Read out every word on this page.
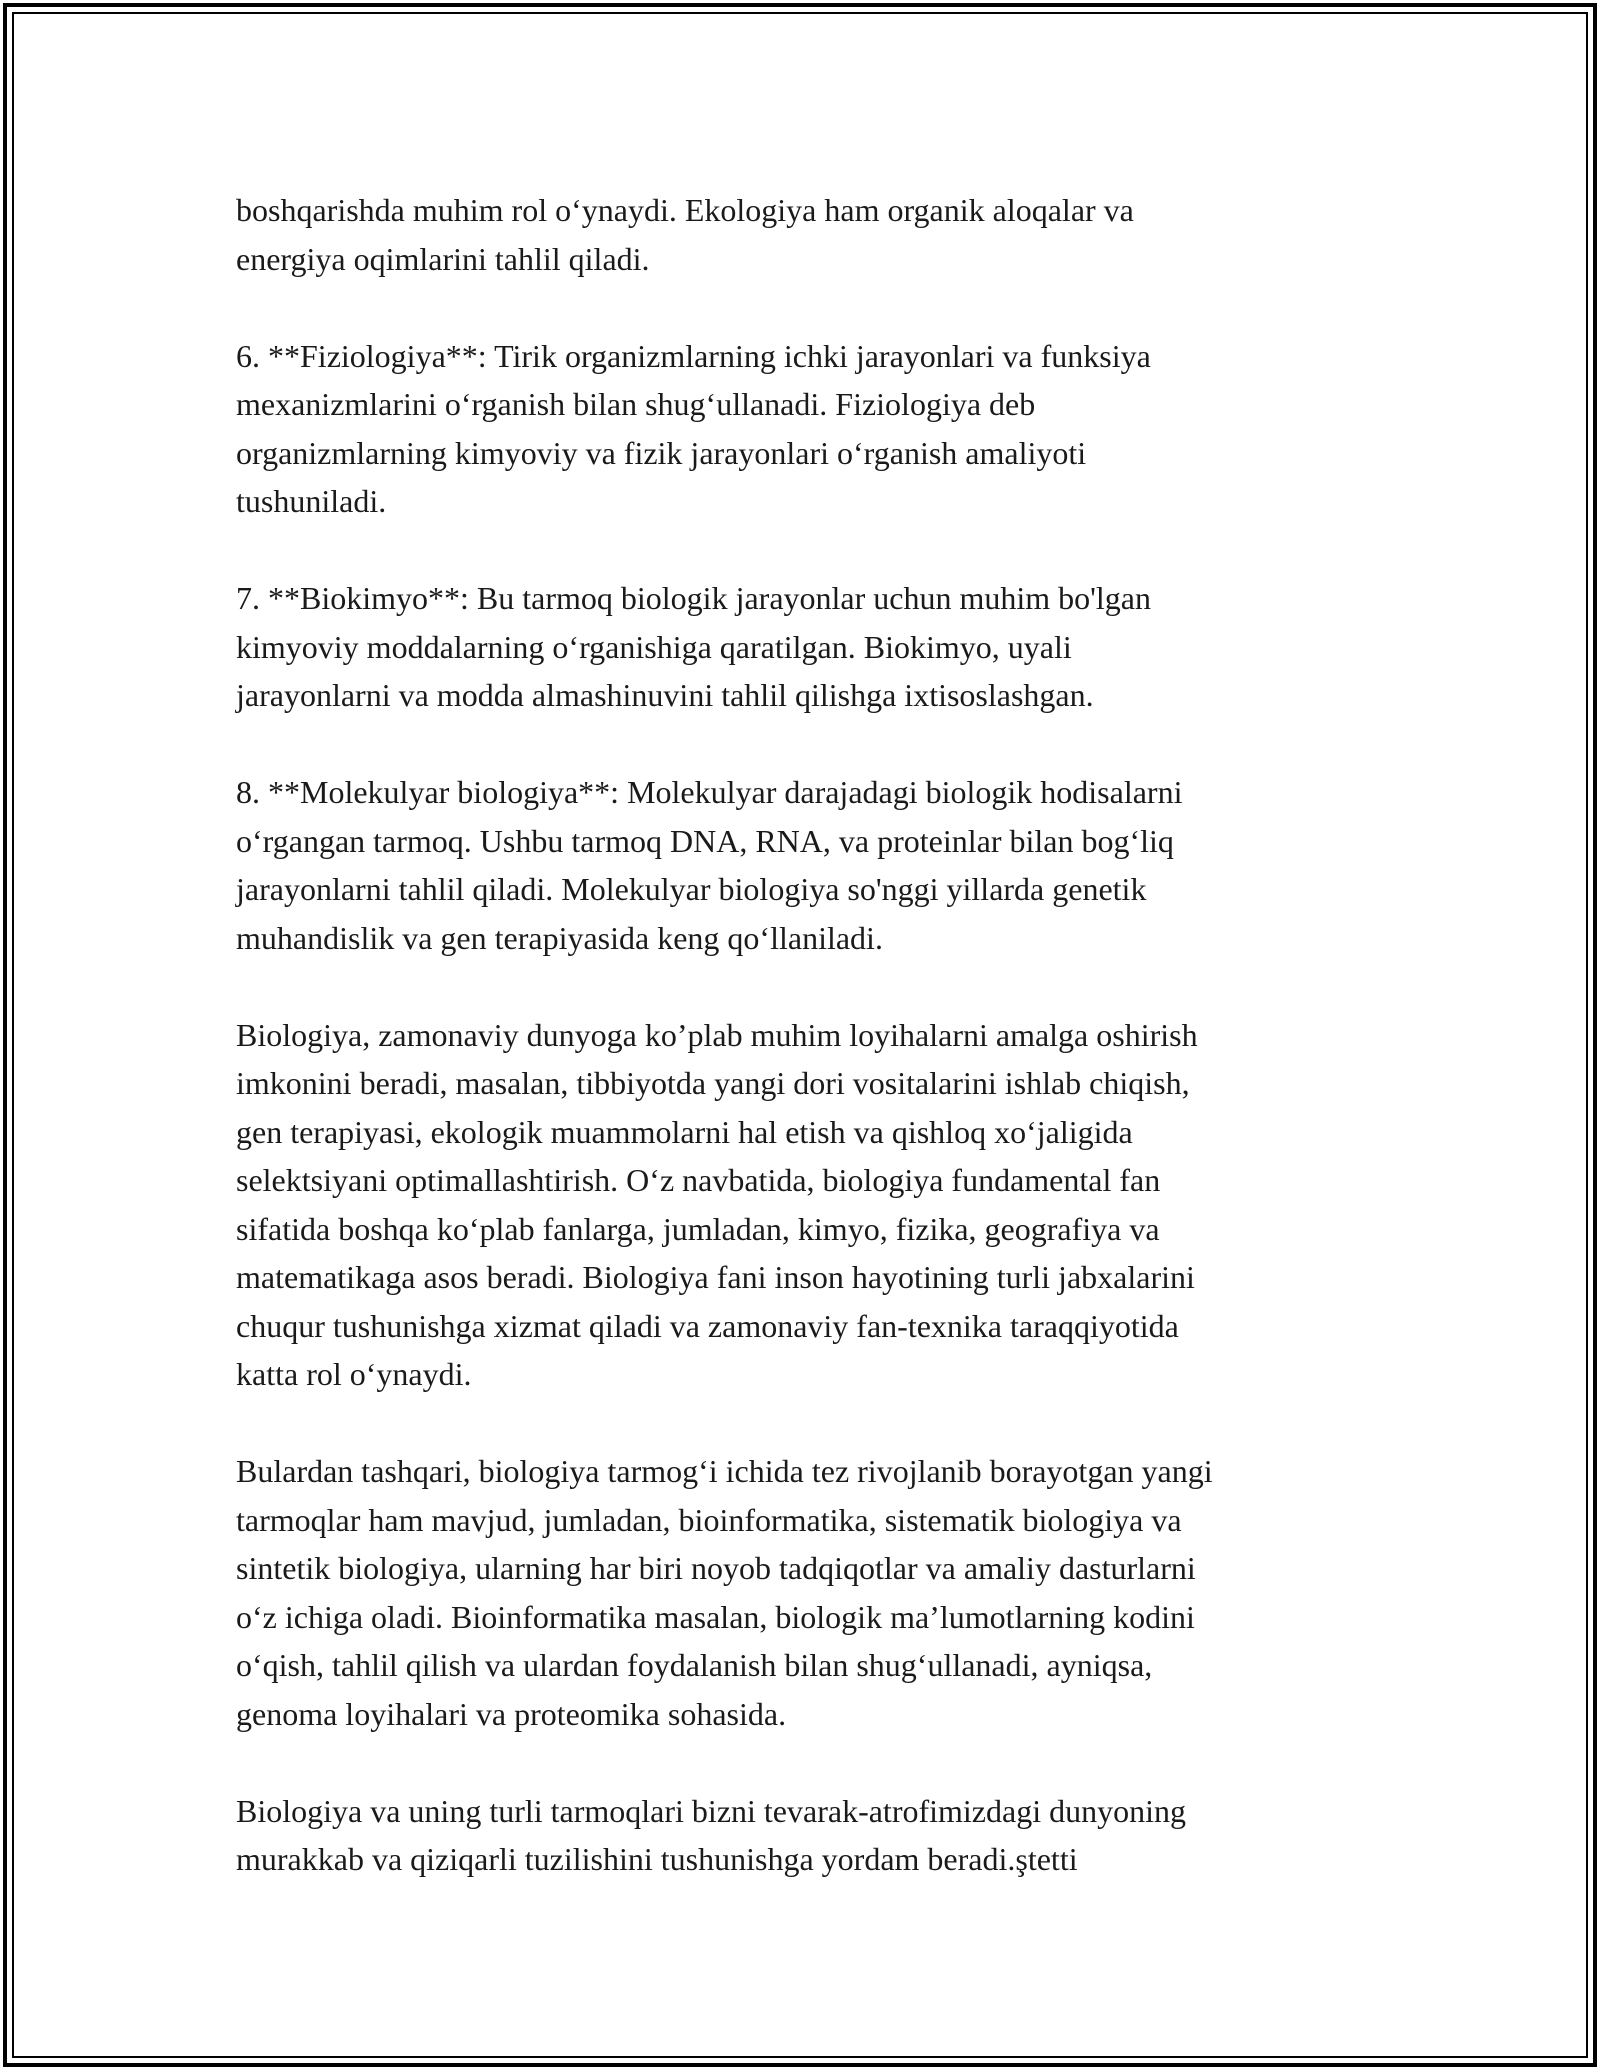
boshqarishda muhim rol o‘ynaydi. Ekologiya ham organik aloqalar va
energiya oqimlarini tahlil qiladi.

6. **Fiziologiya**: Tirik organizmlarning ichki jarayonlari va funksiya
mexanizmlarini o‘rganish bilan shug‘ullanadi. Fiziologiya deb
organizmlarning kimyoviy va fizik jarayonlari o‘rganish amaliyoti
tushuniladi.

7. **Biokimyo**: Bu tarmoq biologik jarayonlar uchun muhim bo'lgan
kimyoviy moddalarning o‘rganishiga qaratilgan. Biokimyo, uyali
jarayonlarni va modda almashinuvini tahlil qilishga ixtisoslashgan.

8. **Molekulyar biologiya**: Molekulyar darajadagi biologik hodisalarni
o‘rgangan tarmoq. Ushbu tarmoq DNA, RNA, va proteinlar bilan bog‘liq
jarayonlarni tahlil qiladi. Molekulyar biologiya so'nggi yillarda genetik
muhandislik va gen terapiyasida keng qo‘llaniladi.

Biologiya, zamonaviy dunyoga ko’plab muhim loyihalarni amalga oshirish
imkonini beradi, masalan, tibbiyotda yangi dori vositalarini ishlab chiqish,
gen terapiyasi, ekologik muammolarni hal etish va qishloq xo‘jaligida
selektsiyani optimallashtirish. O‘z navbatida, biologiya fundamental fan
sifatida boshqa ko‘plab fanlarga, jumladan, kimyo, fizika, geografiya va
matematikaga asos beradi. Biologiya fani inson hayotining turli jabxalarini
chuqur tushunishga xizmat qiladi va zamonaviy fan-texnika taraqqiyotida
katta rol o‘ynaydi.

Bulardan tashqari, biologiya tarmog‘i ichida tez rivojlanib borayotgan yangi
tarmoqlar ham mavjud, jumladan, bioinformatika, sistematik biologiya va
sintetik biologiya, ularning har biri noyob tadqiqotlar va amaliy dasturlarni
o‘z ichiga oladi. Bioinformatika masalan, biologik ma’lumotlarning kodini
o‘qish, tahlil qilish va ulardan foydalanish bilan shug‘ullanadi, ayniqsa,
genoma loyihalari va proteomika sohasida.

Biologiya va uning turli tarmoqlari bizni tevarak-atrofimizdagi dunyoning
murakkab va qiziqarli tuzilishini tushunishga yordam beradi.ştetti
